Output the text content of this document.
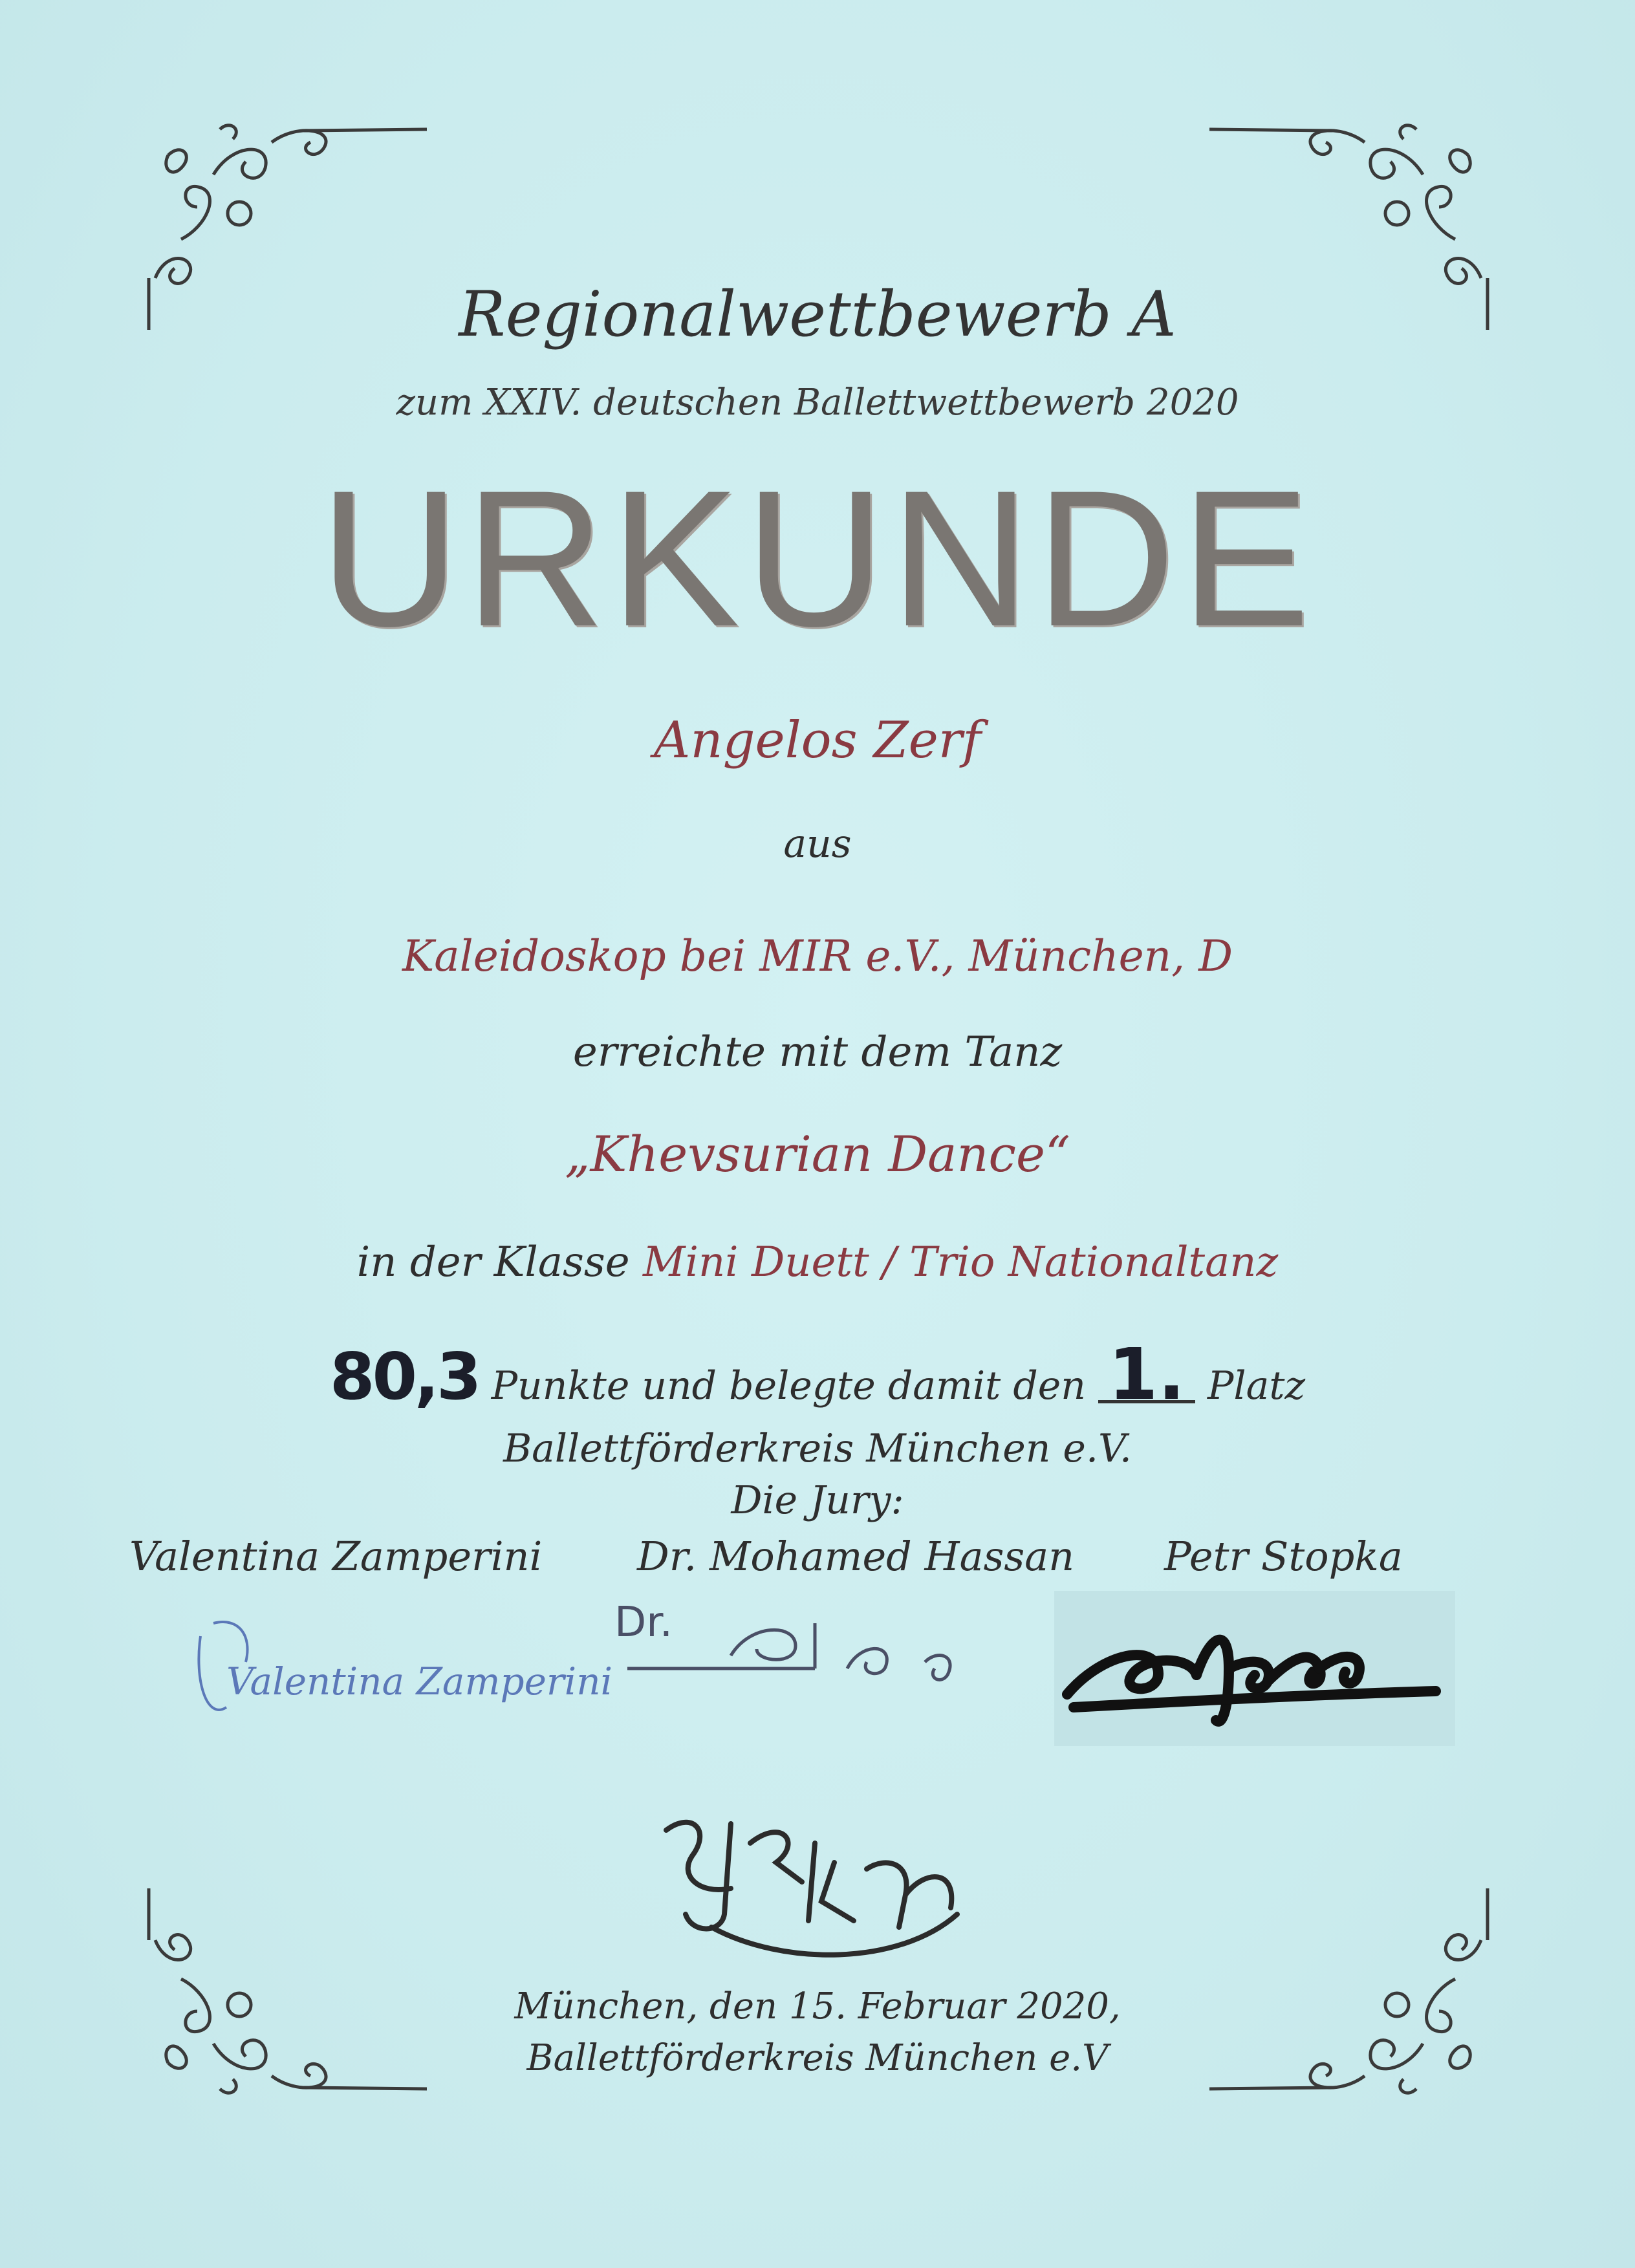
Regionalwettbewerb A
zum XXIV. deutschen Ballettwettbewerb 2020
URKUNDE
Angelos Zerf
aus
Kaleidoskop bei MIR e.V., München, D
erreichte mit dem Tanz
„Khevsurian Dance“
in der Klasse Mini Duett / Trio Nationaltanz
80,3 Punkte und belegte damit den 1. Platz
Ballettförderkreis München e.V.
Die Jury:
Valentina Zamperini Dr. Mohamed Hassan Petr Stopka
Valentina Zamperini
Dr.
bfkm
München, den 15. Februar 2020,
Ballettförderkreis München e.V
